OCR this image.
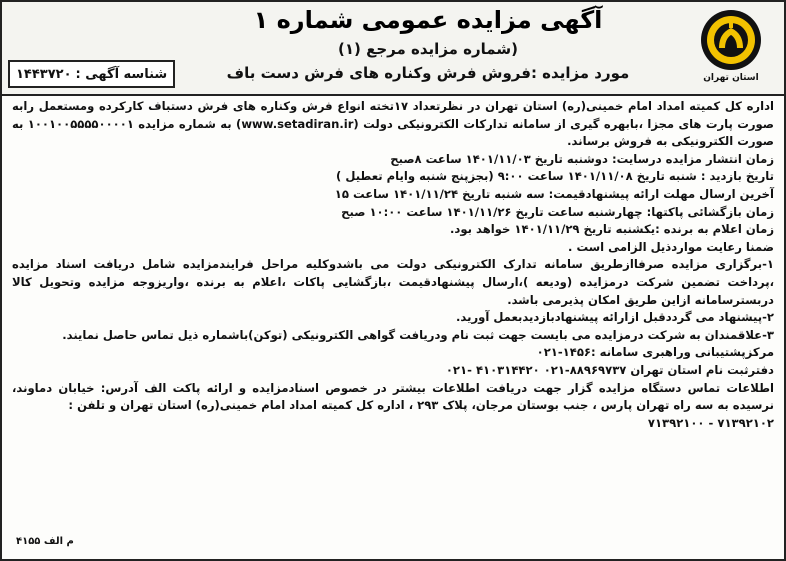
آگهی مزایده عمومی شماره ۱
(شماره مزایده مرجع (۱)
مورد مزایده :فروش فرش وکناره های فرش دست باف
شناسه آگهی :
۱۴۴۳۷۲۰	استان تهران

اداره کل کمیته امداد امام خمینی(ره) استان تهران در نظرتعداد ۱۷تخته انواع فرش وکناره های فرش دستباف کارکرده ومستعمل رابه صورت پارت های مجزا ،بابهره گیری از سامانه تدارکات الکترونیکی دولت (www.setadiran.ir) به شماره مزایده ۱۰۰۱۰۰۵۵۵۵۰۰۰۰۱ به صورت الکترونیکی به فروش برساند.

زمان انتشار مزایده درسایت: دوشنبه تاریخ ۱۴۰۱/۱۱/۰۳ ساعت ۸صبح

تاریخ بازدید : شنبه تاریخ ۱۴۰۱/۱۱/۰۸ ساعت ۹:۰۰ (بجزپنج شنبه وایام تعطیل )

آخرین ارسال مهلت ارائه پیشنهادقیمت: سه شنبه تاریخ ۱۴۰۱/۱۱/۲۴ ساعت ۱۵

زمان بازگشائی پاکتها: چهارشنبه ساعت تاریخ ۱۴۰۱/۱۱/۲۶ ساعت ۱۰:۰۰ صبح

زمان اعلام به برنده :یکشنبه تاریخ ۱۴۰۱/۱۱/۲۹ خواهد بود.

ضمنا رعایت مواردذیل الزامی است .

۱-برگزاری مزایده صرفاازطریق سامانه تدارک الکترونیکی دولت می باشدوکلیه مراحل فرایندمزایده شامل دریافت اسناد مزایده ،پرداخت تضمین شرکت درمزایده (ودیعه )،ارسال پیشنهادقیمت ،بازگشایی پاکات ،اعلام به برنده ،واریزوجه مزایده وتحویل کالا دربسترسامانه ازاین طریق امکان پذیرمی باشد.

۲-پیشنهاد می گرددقبل ازارائه پیشنهادبازدیدبعمل آورید.

۳-علاقمندان به شرکت درمزایده می بایست جهت ثبت نام ودریافت گواهی الکترونیکی (توکن)باشماره ذیل تماس حاصل نمایند.

مرکزپشتیبانی وراهبری سامانه :۱۴۵۶-۰۲۱

دفترثبت نام استان تهران ۸۸۹۶۹۷۳۷-۰۲۱ ۴۱۰۳۱۴۴۲۰ -۰۲۱

اطلاعات تماس دستگاه مزایده گزار جهت دریافت اطلاعات بیشتر در خصوص اسنادمزایده و ارائه پاکت الف آدرس: خیابان دماوند، نرسیده به سه راه تهران پارس ، جنب بوستان مرجان، پلاک ۲۹۳ ، اداره کل کمیته امداد امام خمینی(ره) استان تهران و تلفن :

۷۱۳۹۲۱۰۰ - ۷۱۳۹۲۱۰۲

م الف ۴۱۵۵
